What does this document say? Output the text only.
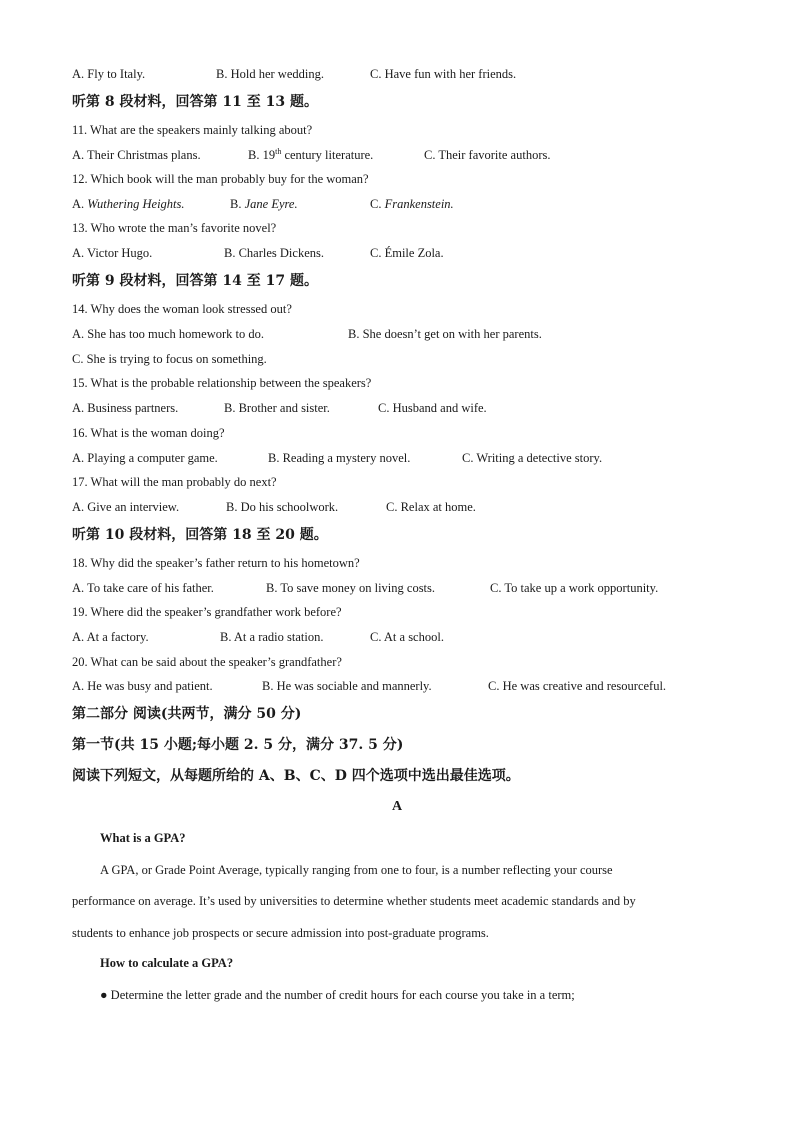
A. Fly to Italy.	B. Hold her wedding.	C. Have fun with her friends.
听第 8 段材料，回答第 11 至 13 题。
11. What are the speakers mainly talking about?
A. Their Christmas plans.	B. 19th century literature.	C. Their favorite authors.
12. Which book will the man probably buy for the woman?
A. Wuthering Heights.	B. Jane Eyre.	C. Frankenstein.
13. Who wrote the man’s favorite novel?
A. Victor Hugo.	B. Charles Dickens.	C. Émile Zola.
听第 9 段材料，回答第 14 至 17 题。
14. Why does the woman look stressed out?
A. She has too much homework to do.	B. She doesn’t get on with her parents.
C. She is trying to focus on something.
15. What is the probable relationship between the speakers?
A. Business partners.	B. Brother and sister.	C. Husband and wife.
16. What is the woman doing?
A. Playing a computer game.	B. Reading a mystery novel.	C. Writing a detective story.
17. What will the man probably do next?
A. Give an interview.	B. Do his schoolwork.	C. Relax at home.
听第 10 段材料，回答第 18 至 20 题。
18. Why did the speaker’s father return to his hometown?
A. To take care of his father.	B. To save money on living costs.	C. To take up a work opportunity.
19. Where did the speaker’s grandfather work before?
A. At a factory.	B. At a radio station.	C. At a school.
20. What can be said about the speaker’s grandfather?
A. He was busy and patient.	B. He was sociable and mannerly.	C. He was creative and resourceful.
第二部分 阅读(共两节，满分 50 分)
第一节(共 15 小题;每小题 2. 5 分，满分 37. 5 分)
阅读下列短文，从每题所给的 A、B、C、D 四个选项中选出最佳选项。
A
What is a GPA?
A GPA, or Grade Point Average, typically ranging from one to four, is a number reflecting your course
performance on average. It’s used by universities to determine whether students meet academic standards and by
students to enhance job prospects or secure admission into post-graduate programs.
How to calculate a GPA?
● Determine the letter grade and the number of credit hours for each course you take in a term;
